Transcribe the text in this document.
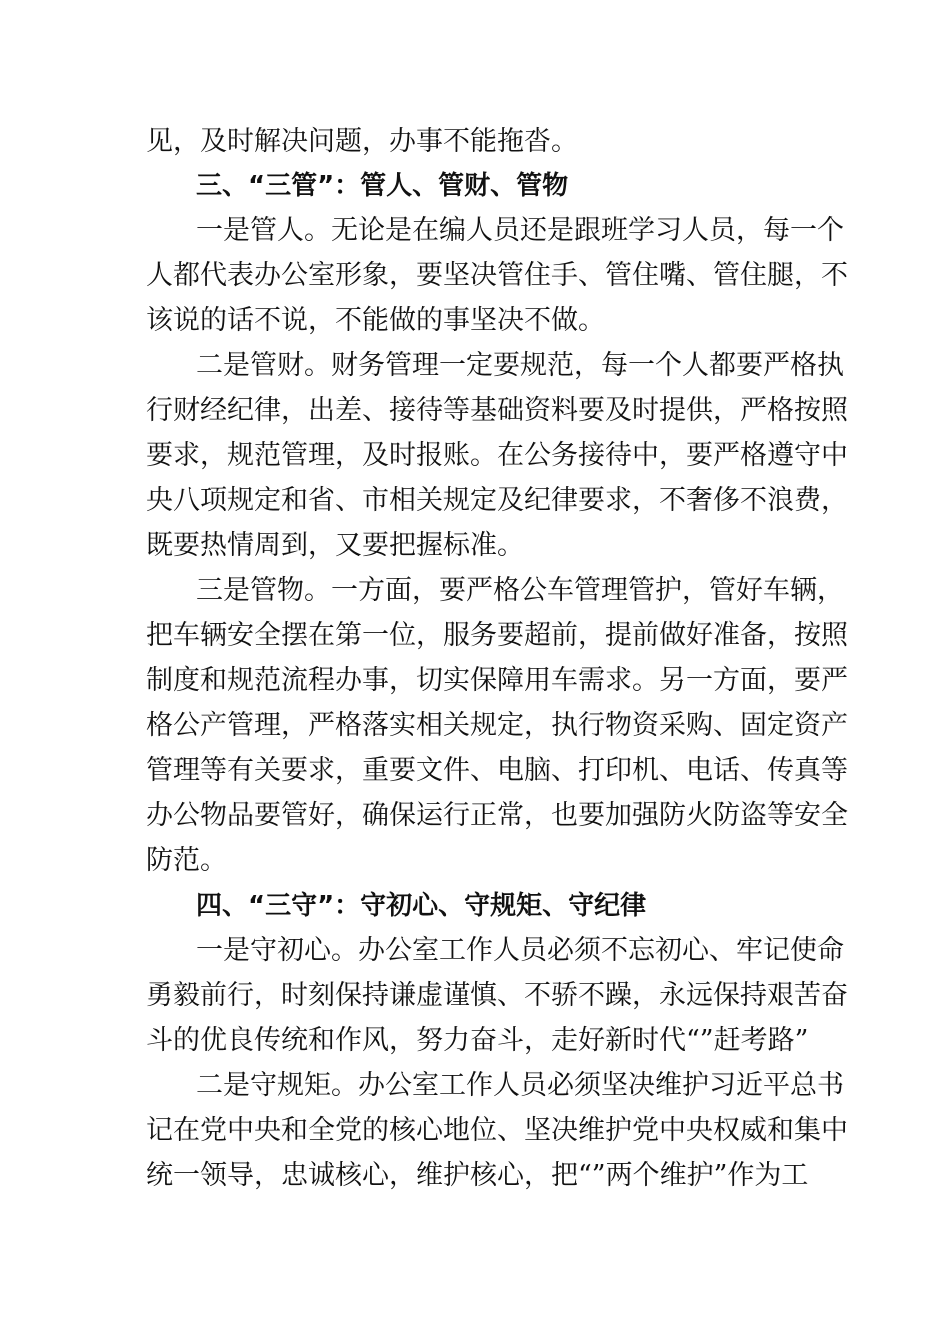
见，及时解决问题，办事不能拖沓。
三、“三管”：管人、管财、管物
一是管人。无论是在编人员还是跟班学习人员，每一个
人都代表办公室形象，要坚决管住手、管住嘴、管住腿，不
该说的话不说，不能做的事坚决不做。
二是管财。财务管理一定要规范，每一个人都要严格执
行财经纪律，出差、接待等基础资料要及时提供，严格按照
要求，规范管理，及时报账。在公务接待中，要严格遵守中
央八项规定和省、市相关规定及纪律要求，不奢侈不浪费，
既要热情周到，又要把握标准。
三是管物。一方面，要严格公车管理管护，管好车辆，
把车辆安全摆在第一位，服务要超前，提前做好准备，按照
制度和规范流程办事，切实保障用车需求。另一方面，要严
格公产管理，严格落实相关规定，执行物资采购、固定资产
管理等有关要求，重要文件、电脑、打印机、电话、传真等
办公物品要管好，确保运行正常，也要加强防火防盗等安全
防范。
四、“三守”：守初心、守规矩、守纪律
一是守初心。办公室工作人员必须不忘初心、牢记使命
勇毅前行，时刻保持谦虚谨慎、不骄不躁，永远保持艰苦奋
斗的优良传统和作风，努力奋斗，走好新时代“”赶考路”
二是守规矩。办公室工作人员必须坚决维护习近平总书
记在党中央和全党的核心地位、坚决维护党中央权威和集中
统一领导，忠诚核心，维护核心，把“”两个维护”作为工
